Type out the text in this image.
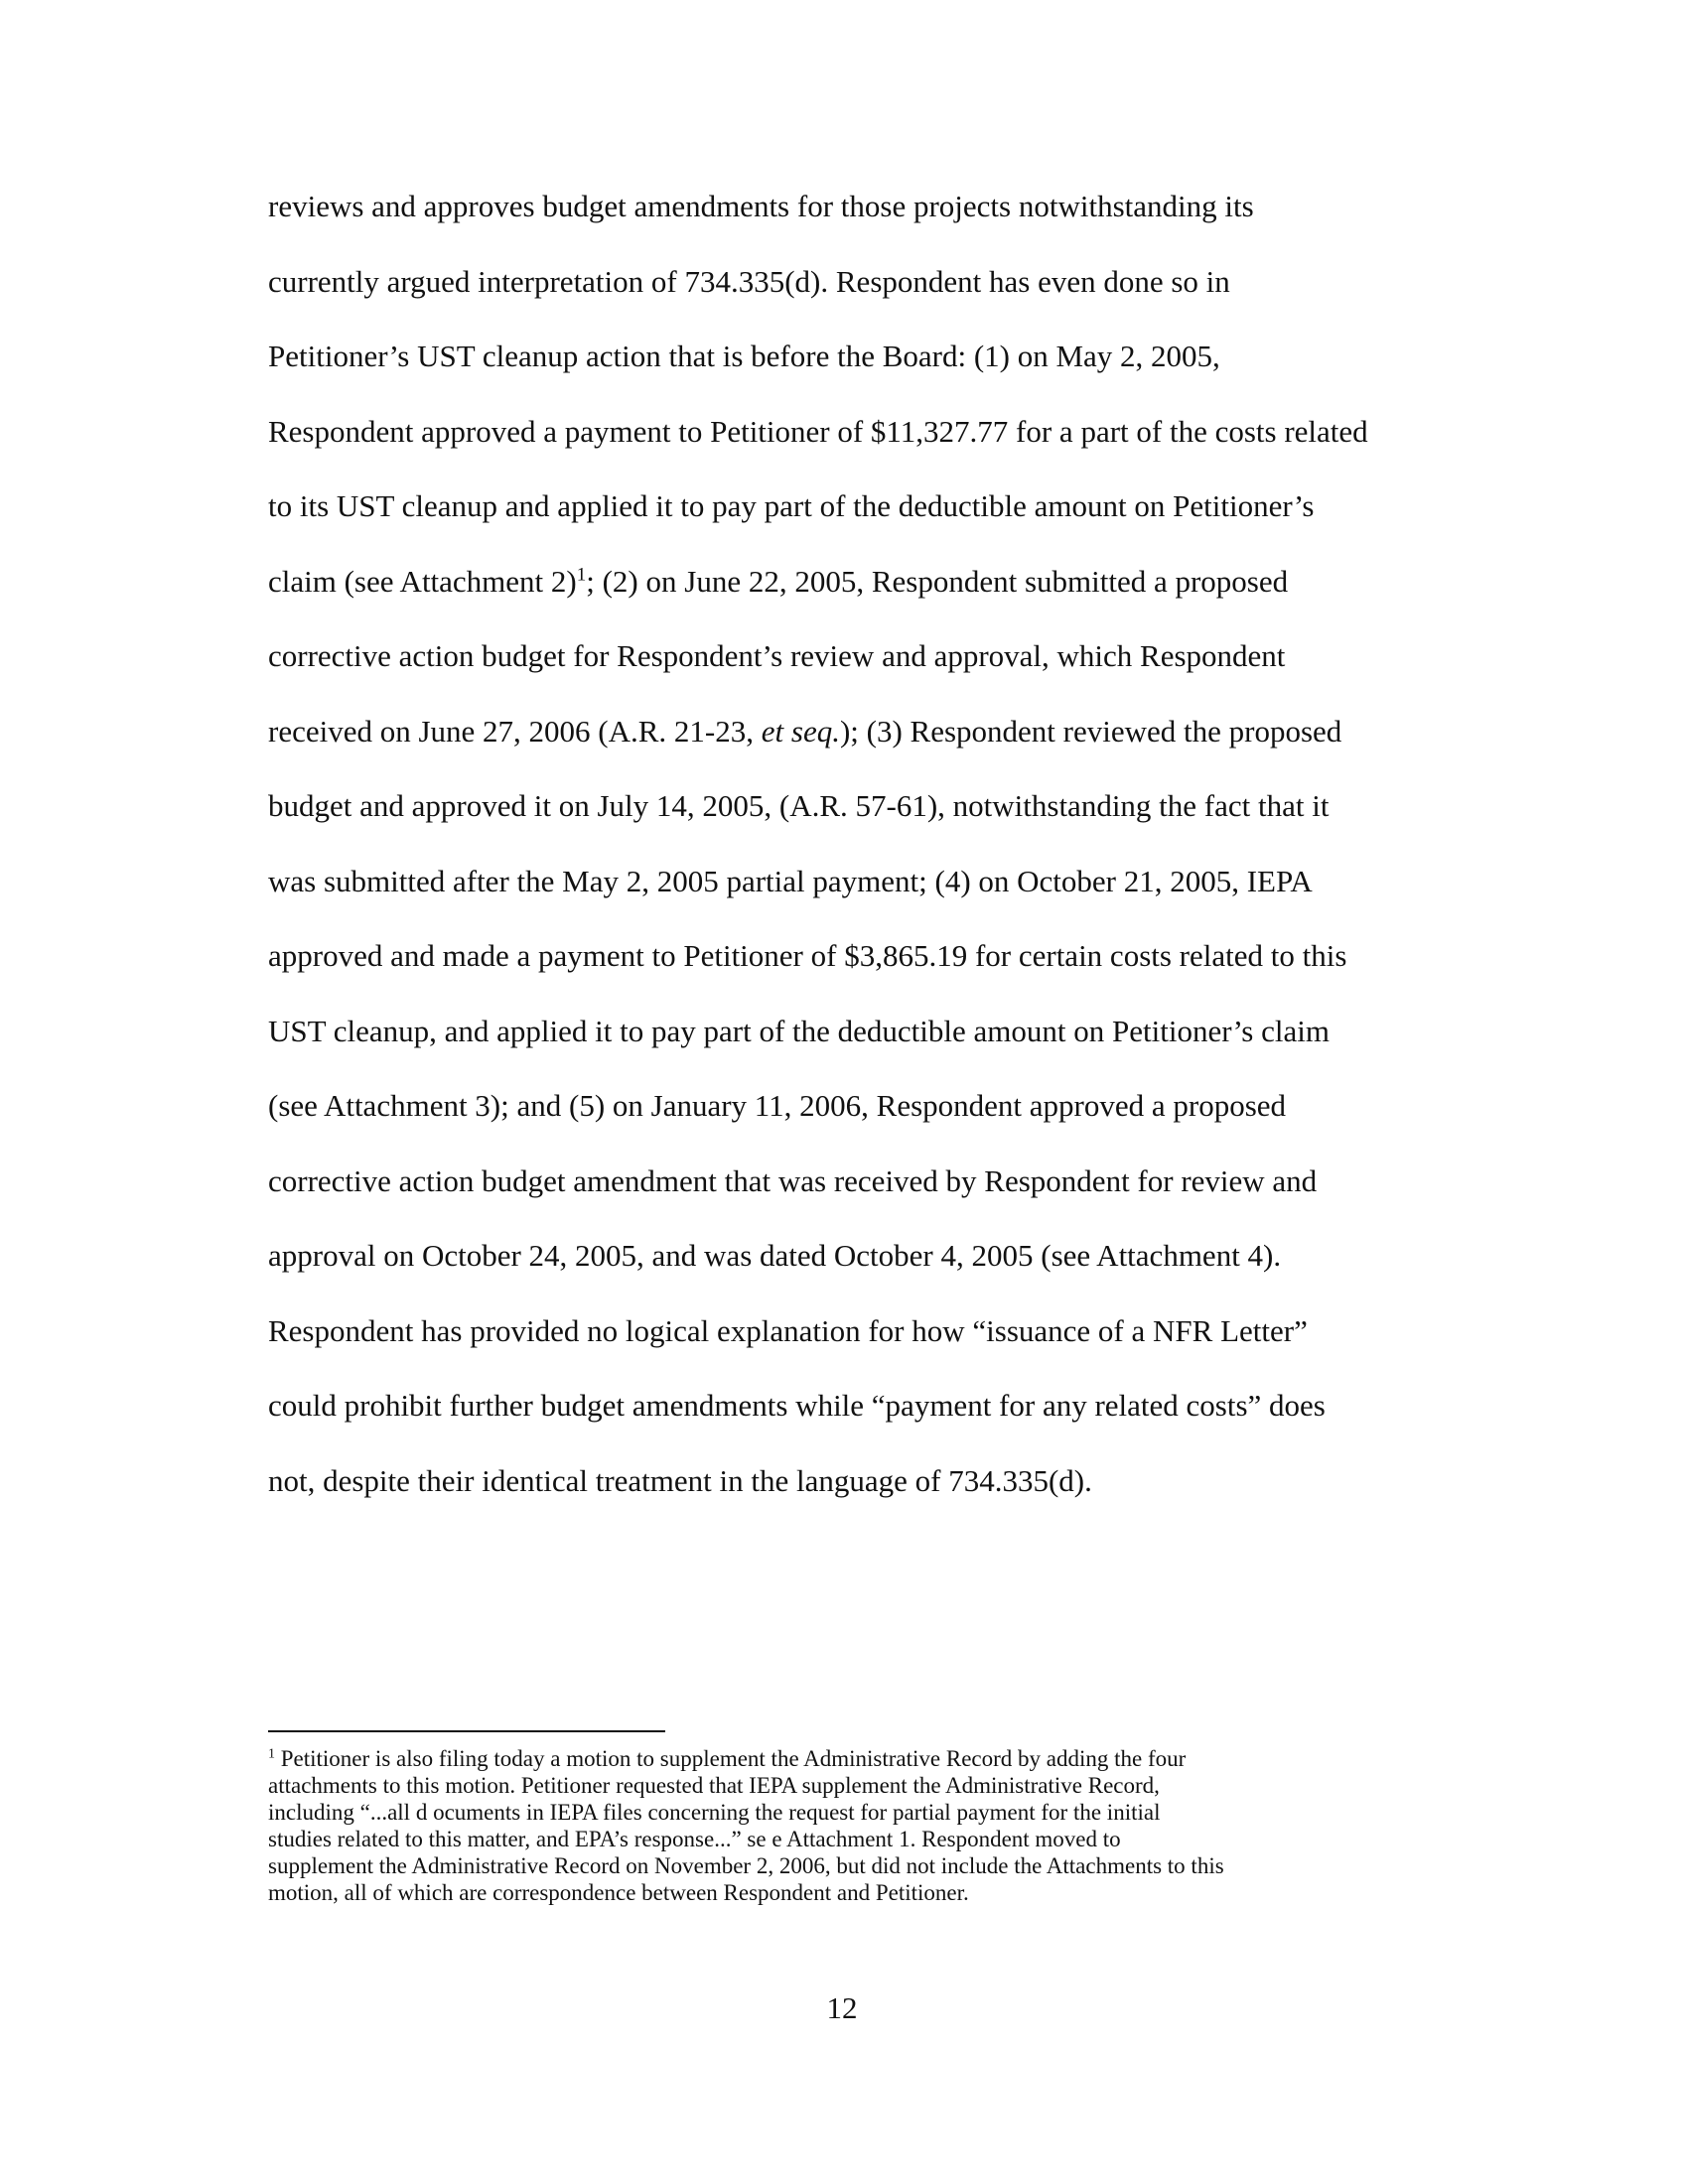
reviews and approves budget amendments for those projects notwithstanding its
currently argued interpretation of 734.335(d). Respondent has even done so in
Petitioner’s UST cleanup action that is before the Board: (1) on May 2, 2005,
Respondent approved a payment to Petitioner of $11,327.77 for a part of the costs related
to its UST cleanup and applied it to pay part of the deductible amount on Petitioner’s
claim (see Attachment 2)$^1$; (2) on June 22, 2005, Respondent submitted a proposed
corrective action budget for Respondent’s review and approval, which Respondent
received on June 27, 2006 (A.R. 21-23, et seq.); (3) Respondent reviewed the proposed
budget and approved it on July 14, 2005, (A.R. 57-61), notwithstanding the fact that it
was submitted after the May 2, 2005 partial payment; (4) on October 21, 2005, IEPA
approved and made a payment to Petitioner of $3,865.19 for certain costs related to this
UST cleanup, and applied it to pay part of the deductible amount on Petitioner’s claim
(see Attachment 3); and (5) on January 11, 2006, Respondent approved a proposed
corrective action budget amendment that was received by Respondent for review and
approval on October 24, 2005, and was dated October 4, 2005 (see Attachment 4).
Respondent has provided no logical explanation for how “issuance of a NFR Letter”
could prohibit further budget amendments while “payment for any related costs” does
not, despite their identical treatment in the language of 734.335(d).
$^1$ Petitioner is also filing today a motion to supplement the Administrative Record by adding the four
attachments to this motion. Petitioner requested that IEPA supplement the Administrative Record,
including “...all d ocuments in IEPA files concerning the request for partial payment for the initial
studies related to this matter, and EPA’s response...” se e Attachment 1. Respondent moved to
supplement the Administrative Record on November 2, 2006, but did not include the Attachments to this
motion, all of which are correspondence between Respondent and Petitioner.
12
